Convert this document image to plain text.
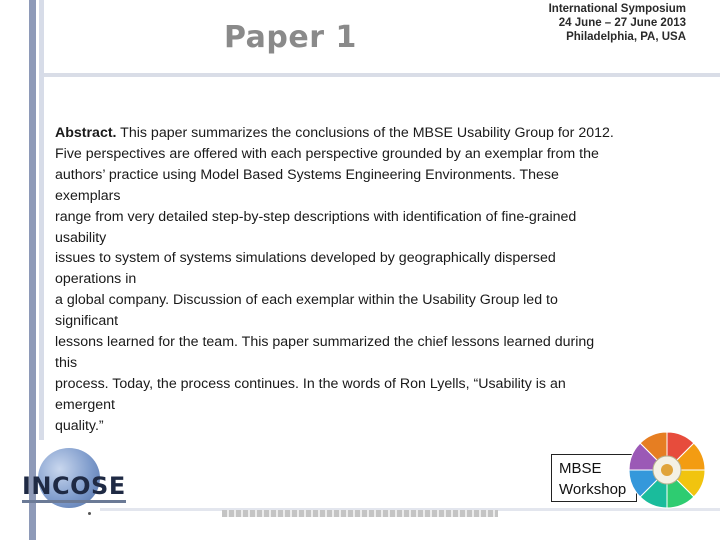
Paper 1
International Symposium
24 June – 27 June 2013
Philadelphia, PA, USA
Abstract. This paper summarizes the conclusions of the MBSE Usability Group for 2012.
Five perspectives are offered with each perspective grounded by an exemplar from the
authors’ practice using Model Based Systems Engineering Environments. These
exemplars
range from very detailed step-by-step descriptions with identification of fine-grained
usability
issues to system of systems simulations developed by geographically dispersed
operations in
a global company. Discussion of each exemplar within the Usability Group led to
significant
lessons learned for the team. This paper summarized the chief lessons learned during
this
process. Today, the process continues. In the words of Ron Lyells, “Usability is an
emergent
quality.”
INCOSE
MBSE
Workshop
